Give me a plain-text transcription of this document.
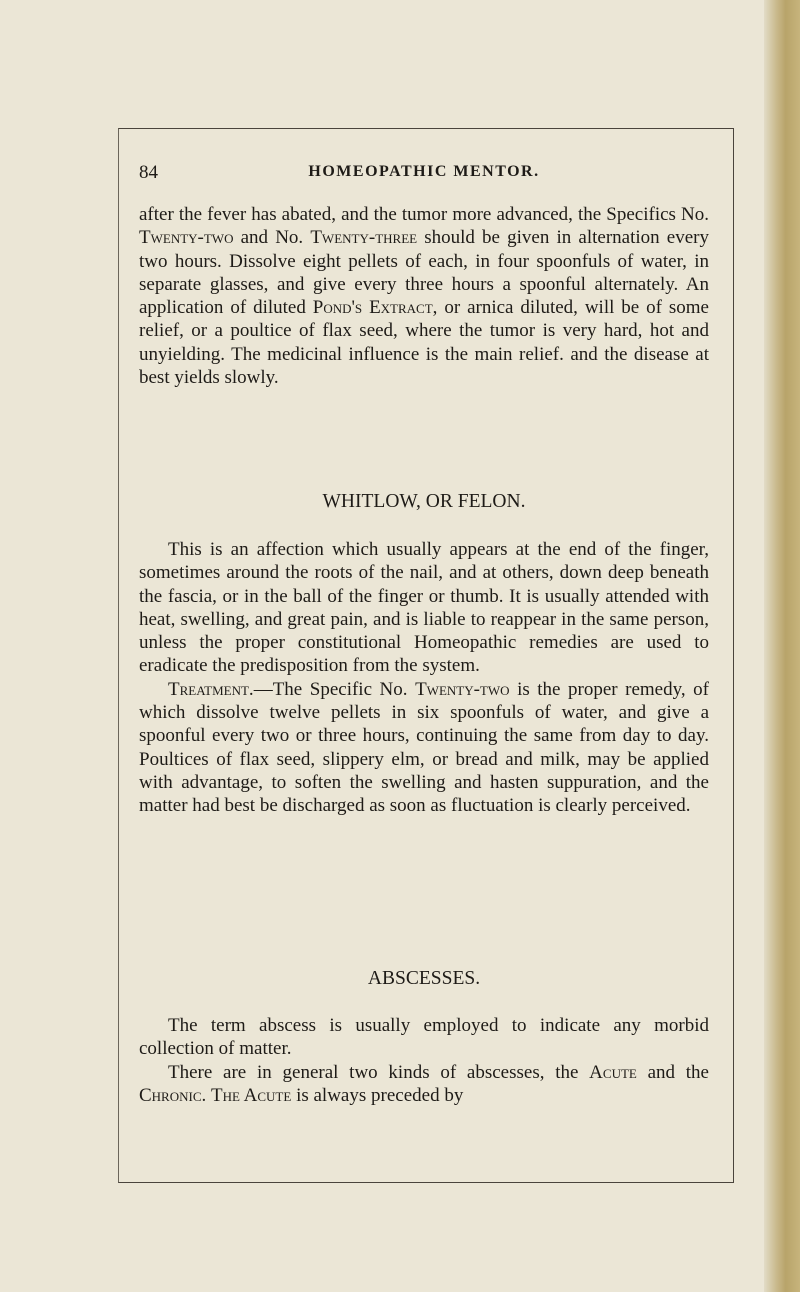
84	HOMEOPATHIC MENTOR.

after the fever has abated, and the tumor more advanced, the Specifics No. Twenty-two and No. Twenty-three should be given in alternation every two hours. Dissolve eight pellets of each, in four spoonfuls of water, in separate glasses, and give every three hours a spoonful alternately. An application of diluted Pond's Extract, or arnica diluted, will be of some relief, or a poultice of flax seed, where the tumor is very hard, hot and unyielding. The medicinal influence is the main relief. and the disease at best yields slowly.

WHITLOW, OR FELON.

This is an affection which usually appears at the end of the finger, sometimes around the roots of the nail, and at others, down deep beneath the fascia, or in the ball of the finger or thumb. It is usually attended with heat, swelling, and great pain, and is liable to reappear in the same person, unless the proper constitutional Homeopathic remedies are used to eradicate the predisposition from the system.

Treatment.—The Specific No. Twenty-two is the proper remedy, of which dissolve twelve pellets in six spoonfuls of water, and give a spoonful every two or three hours, continuing the same from day to day. Poultices of flax seed, slippery elm, or bread and milk, may be applied with advantage, to soften the swelling and hasten suppuration, and the matter had best be discharged as soon as fluctuation is clearly perceived.

ABSCESSES.

The term abscess is usually employed to indicate any morbid collection of matter.

There are in general two kinds of abscesses, the Acute and the Chronic. The Acute is always preceded by
